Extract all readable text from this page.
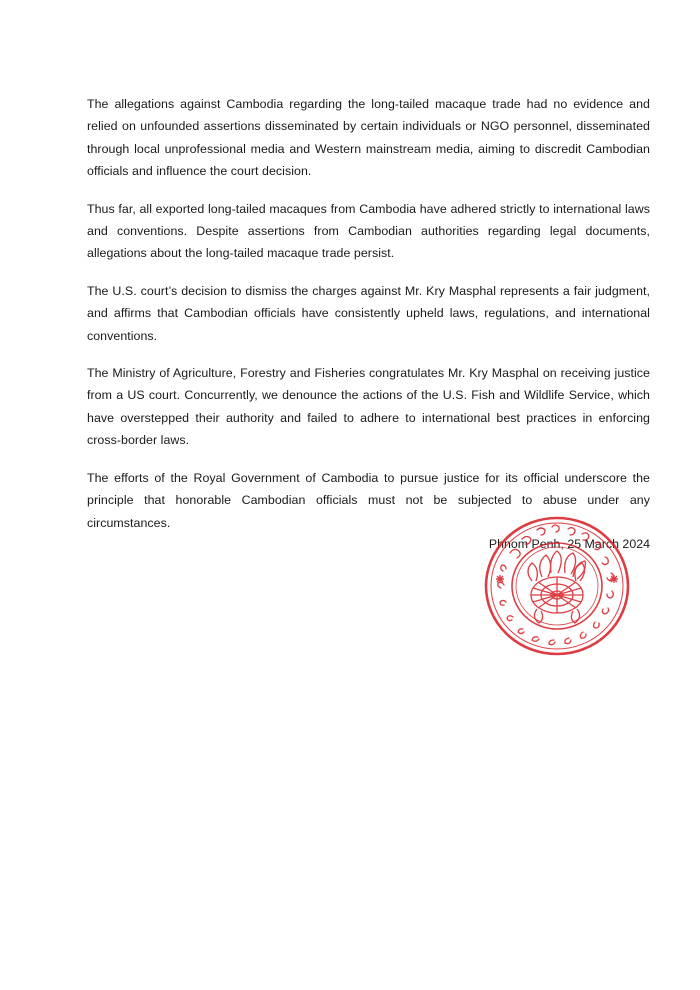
The allegations against Cambodia regarding the long-tailed macaque trade had no evidence and relied on unfounded assertions disseminated by certain individuals or NGO personnel, disseminated through local unprofessional media and Western mainstream media, aiming to discredit Cambodian officials and influence the court decision.

Thus far, all exported long-tailed macaques from Cambodia have adhered strictly to international laws and conventions. Despite assertions from Cambodian authorities regarding legal documents, allegations about the long-tailed macaque trade persist.

The U.S. court’s decision to dismiss the charges against Mr. Kry Masphal represents a fair judgment, and affirms that Cambodian officials have consistently upheld laws, regulations, and international conventions.

The Ministry of Agriculture, Forestry and Fisheries congratulates Mr. Kry Masphal on receiving justice from a US court. Concurrently, we denounce the actions of the U.S. Fish and Wildlife Service, which have overstepped their authority and failed to adhere to international best practices in enforcing cross-border laws.

The efforts of the Royal Government of Cambodia to pursue justice for its official underscore the principle that honorable Cambodian officials must not be subjected to abuse under any circumstances.

Phnom Penh, 25 March 2024
